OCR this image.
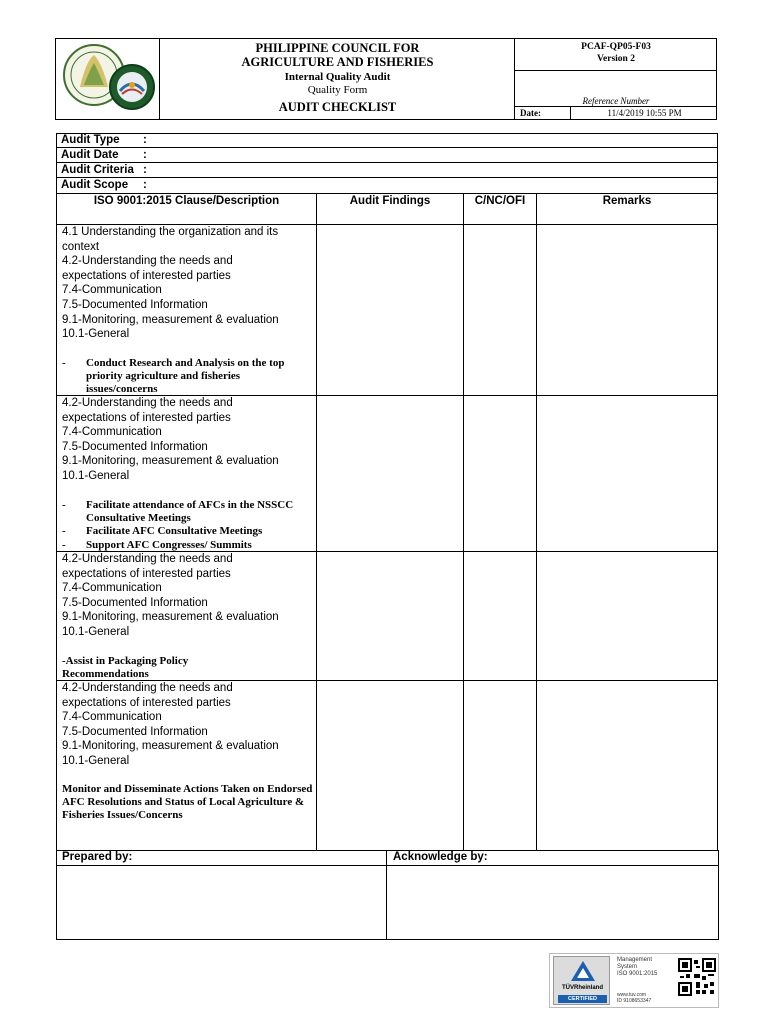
PHILIPPINE COUNCIL FOR
AGRICULTURE AND FISHERIES
Internal Quality Audit
Quality Form
AUDIT CHECKLIST
PCAF-QP05-F03
Version 2
Reference Number
Date:	11/4/2019 10:55 PM
Audit Type :
Audit Date :
Audit Criteria :
Audit Scope :
ISO 9001:2015 Clause/Description	Audit Findings	C/NC/OFI	Remarks
4.1 Understanding the organization and its
context
4.2-Understanding the needs and
expectations of interested parties
7.4-Communication
7.5-Documented Information
9.1-Monitoring, measurement & evaluation
10.1-General
-	Conduct Research and Analysis on the top priority agriculture and fisheries issues/concerns
4.2-Understanding the needs and
expectations of interested parties
7.4-Communication
7.5-Documented Information
9.1-Monitoring, measurement & evaluation
10.1-General
-	Facilitate attendance of AFCs in the NSSCC Consultative Meetings
-	Facilitate AFC Consultative Meetings
-	Support AFC Congresses/ Summits
4.2-Understanding the needs and
expectations of interested parties
7.4-Communication
7.5-Documented Information
9.1-Monitoring, measurement & evaluation
10.1-General
-Assist in Packaging Policy Recommendations
4.2-Understanding the needs and
expectations of interested parties
7.4-Communication
7.5-Documented Information
9.1-Monitoring, measurement & evaluation
10.1-General
Monitor and Disseminate Actions Taken on Endorsed AFC Resolutions and Status of Local Agriculture & Fisheries Issues/Concerns
Prepared by:	Acknowledge by:
TÜVRheinland
CERTIFIED
Management
System
ISO 9001:2015
www.tuv.com
ID 9108653347
